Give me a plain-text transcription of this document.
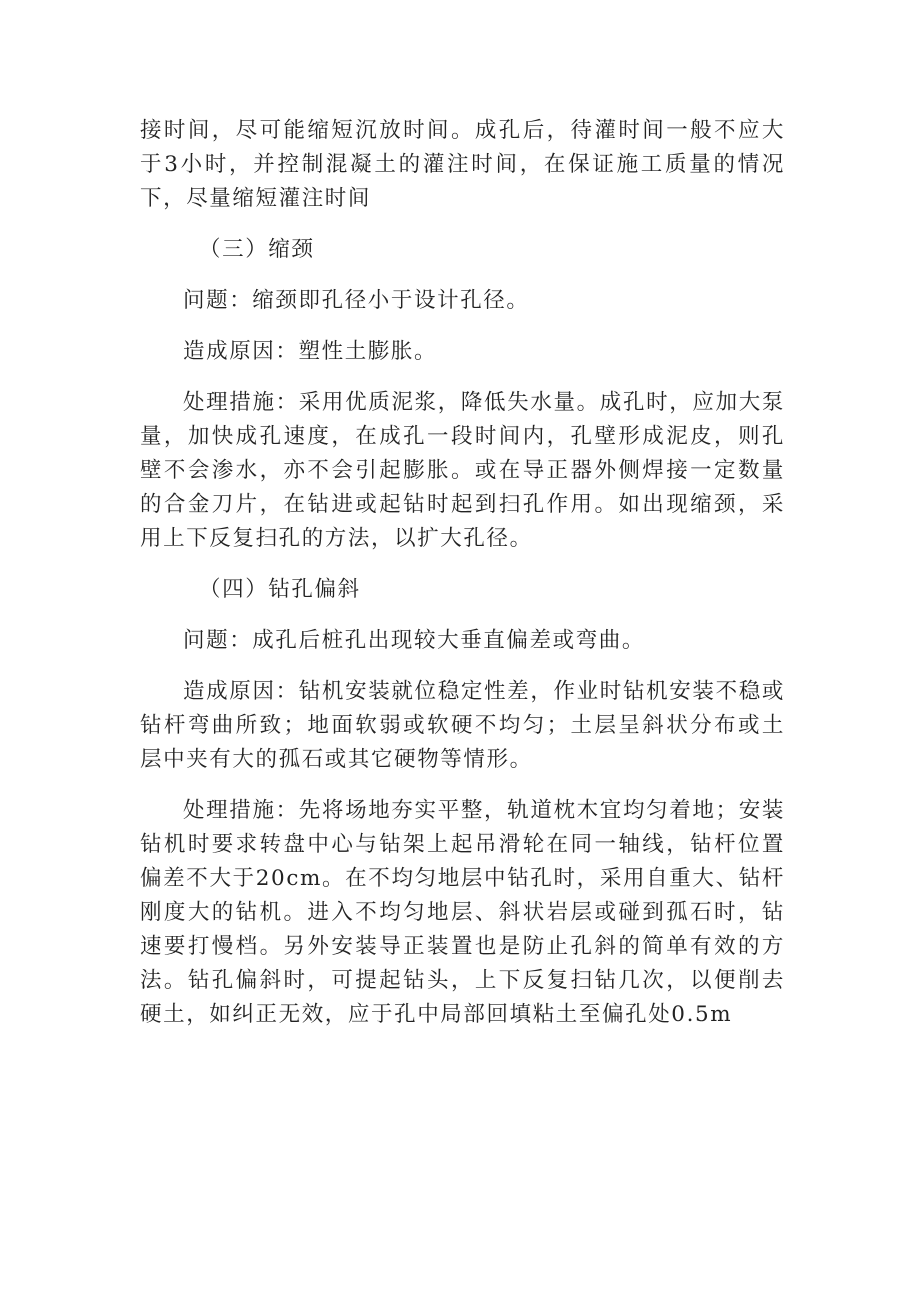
接时间，尽可能缩短沉放时间。成孔后，待灌时间一般不应大于3小时，并控制混凝土的灌注时间，在保证施工质量的情况下，尽量缩短灌注时间

（三）缩颈

问题：缩颈即孔径小于设计孔径。

造成原因：塑性土膨胀。

处理措施：采用优质泥浆，降低失水量。成孔时，应加大泵量，加快成孔速度，在成孔一段时间内，孔壁形成泥皮，则孔壁不会渗水，亦不会引起膨胀。或在导正器外侧焊接一定数量的合金刀片，在钻进或起钻时起到扫孔作用。如出现缩颈，采用上下反复扫孔的方法，以扩大孔径。

（四）钻孔偏斜

问题：成孔后桩孔出现较大垂直偏差或弯曲。

造成原因：钻机安装就位稳定性差，作业时钻机安装不稳或钻杆弯曲所致；地面软弱或软硬不均匀；土层呈斜状分布或土层中夹有大的孤石或其它硬物等情形。

处理措施：先将场地夯实平整，轨道枕木宜均匀着地；安装钻机时要求转盘中心与钻架上起吊滑轮在同一轴线，钻杆位置偏差不大于20cm。在不均匀地层中钻孔时，采用自重大、钻杆刚度大的钻机。进入不均匀地层、斜状岩层或碰到孤石时，钻速要打慢档。另外安装导正装置也是防止孔斜的简单有效的方法。钻孔偏斜时，可提起钻头，上下反复扫钻几次，以便削去硬土，如纠正无效，应于孔中局部回填粘土至偏孔处0.5m
